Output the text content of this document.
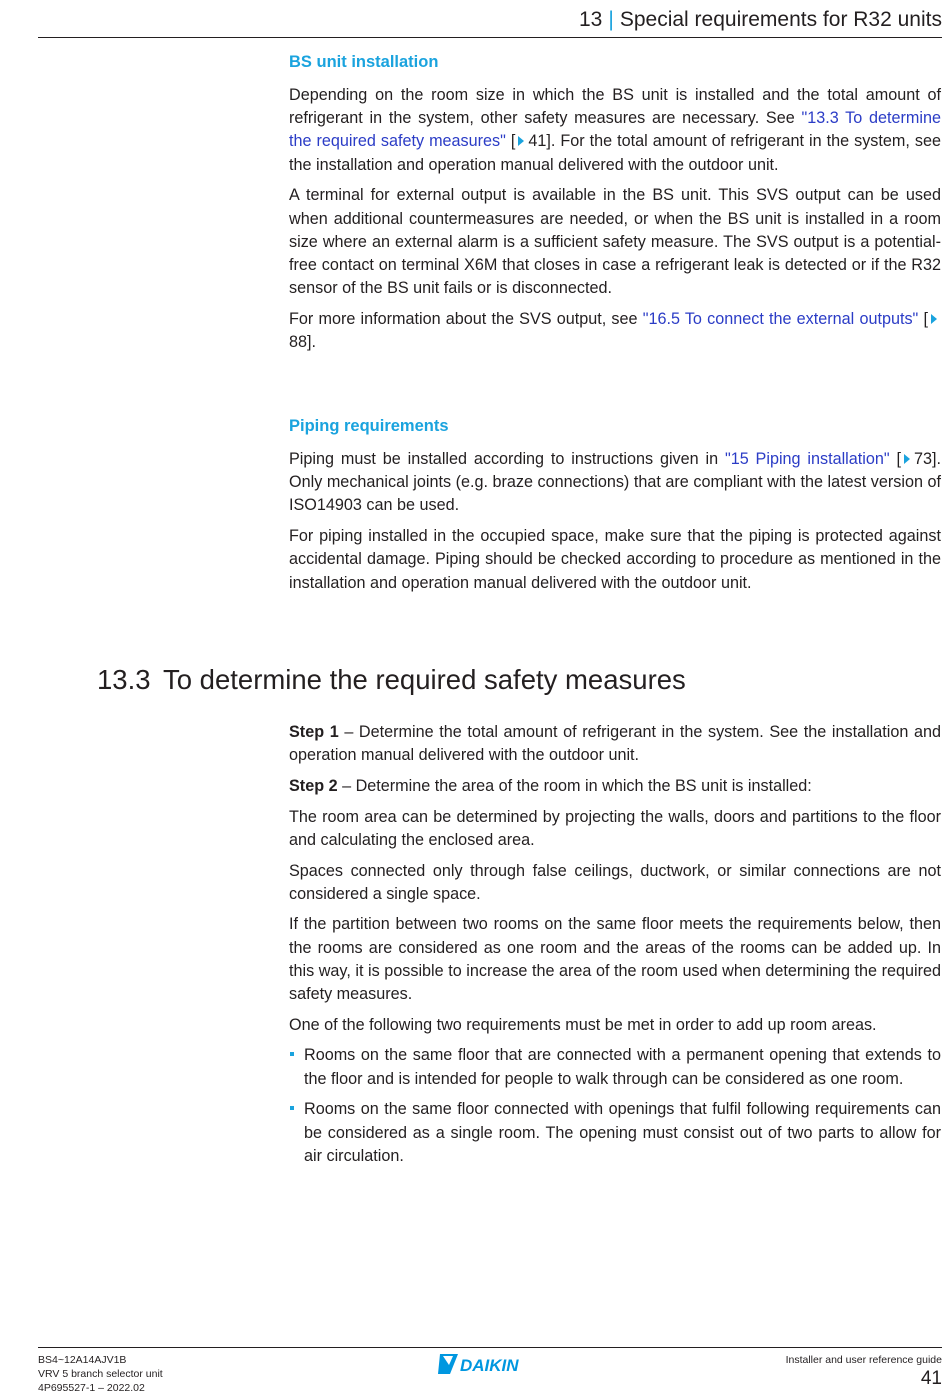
13 | Special requirements for R32 units
BS unit installation

Depending on the room size in which the BS unit is installed and the total amount of refrigerant in the system, other safety measures are necessary. See "13.3 To determine the required safety measures" [ 41]. For the total amount of refrigerant in the system, see the installation and operation manual delivered with the outdoor unit.

A terminal for external output is available in the BS unit. This SVS output can be used when additional countermeasures are needed, or when the BS unit is installed in a room size where an external alarm is a sufficient safety measure. The SVS output is a potential-free contact on terminal X6M that closes in case a refrigerant leak is detected or if the R32 sensor of the BS unit fails or is disconnected.

For more information about the SVS output, see "16.5 To connect the external outputs" [88].

Piping requirements

Piping must be installed according to instructions given in "15 Piping installation" [ 73]. Only mechanical joints (e.g. braze connections) that are compliant with the latest version of ISO14903 can be used.

For piping installed in the occupied space, make sure that the piping is protected against accidental damage. Piping should be checked according to procedure as mentioned in the installation and operation manual delivered with the outdoor unit.

13.3 To determine the required safety measures

Step 1 – Determine the total amount of refrigerant in the system. See the installation and operation manual delivered with the outdoor unit.

Step 2 – Determine the area of the room in which the BS unit is installed:

The room area can be determined by projecting the walls, doors and partitions to the floor and calculating the enclosed area.

Spaces connected only through false ceilings, ductwork, or similar connections are not considered a single space.

If the partition between two rooms on the same floor meets the requirements below, then the rooms are considered as one room and the areas of the rooms can be added up. In this way, it is possible to increase the area of the room used when determining the required safety measures.

One of the following two requirements must be met in order to add up room areas.

Rooms on the same floor that are connected with a permanent opening that extends to the floor and is intended for people to walk through can be considered as one room.
Rooms on the same floor connected with openings that fulfil following requirements can be considered as a single room. The opening must consist out of two parts to allow for air circulation.
BS4~12A14AJV1B
VRV 5 branch selector unit
4P695527-1 – 2022.02
DAIKIN	Installer and user reference guide
41
